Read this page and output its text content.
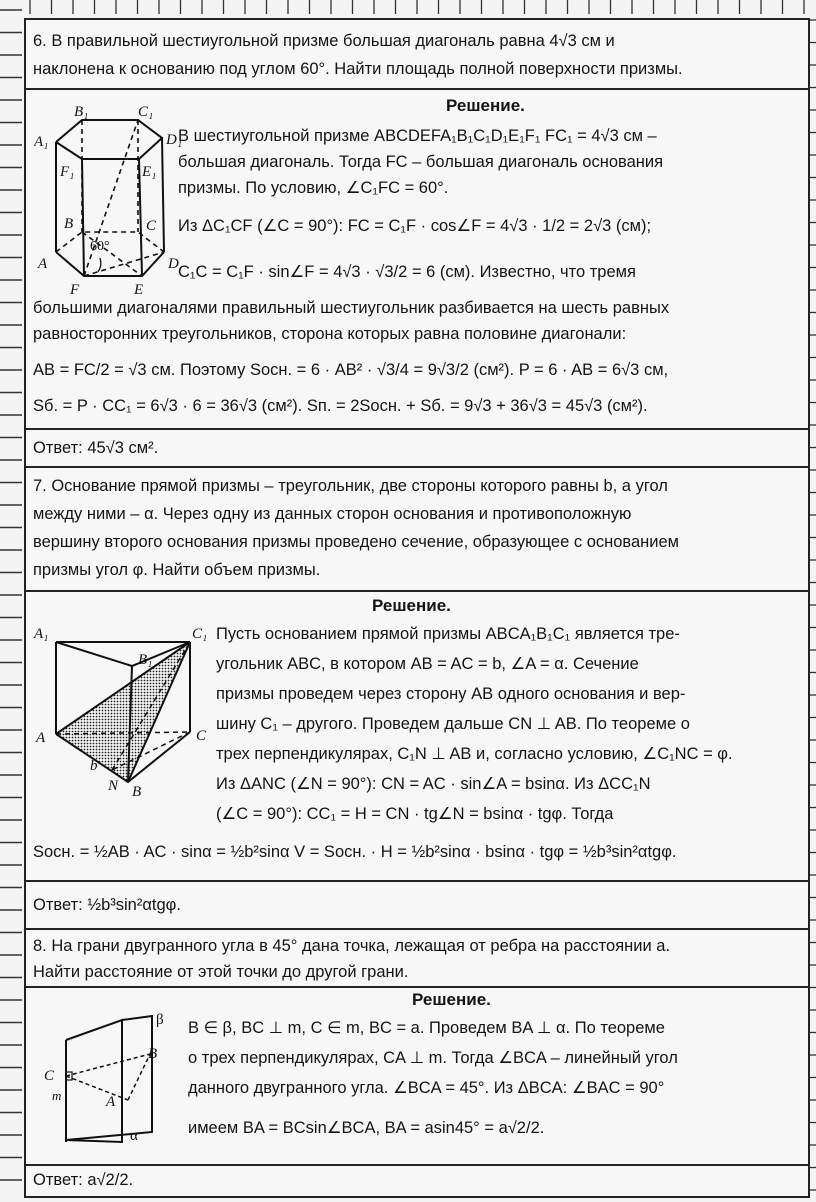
6. В правильной шестиугольной призме большая диагональ равна 4√3 см и
наклонена к основанию под углом 60°. Найти площадь полной поверхности призмы.
Решение.
B₁	C₁
A₁	D₁
F₁	E₁
B	C
60°
A	D
F	E
В шестиугольной призме ABCDEFA₁B₁C₁D₁E₁F₁ FC₁ = 4√3 см –
большая диагональ. Тогда FC – большая диагональ основания
призмы. По условию, ∠C₁FC = 60°.
Из ΔC₁CF (∠C = 90°): FC = C₁F · cos∠F = 4√3 · 1/2 = 2√3 (см);
C₁C = C₁F · sin∠F = 4√3 · √3/2 = 6 (см). Известно, что тремя
большими диагоналями правильный шестиугольник разбивается на шесть равных
равносторонних треугольников, сторона которых равна половине диагонали:
AB = FC/2 = √3 см. Поэтому Sосн. = 6 · AB² · √3/4 = 9√3/2 (см²). P = 6 · AB = 6√3 см,
Sб. = P · CC₁ = 6√3 · 6 = 36√3 (см²). Sп. = 2Sосн. + Sб. = 9√3 + 36√3 = 45√3 (см²).
Ответ: 45√3 см².
7. Основание прямой призмы – треугольник, две стороны которого равны b, а угол
между ними – α. Через одну из данных сторон основания и противоположную
вершину второго основания призмы проведено сечение, образующее с основанием
призмы угол φ. Найти объем призмы.
Решение.
A₁	C₁
B₁
A	C
b
N B
Пусть основанием прямой призмы ABCA₁B₁C₁ является тре-
угольник ABC, в котором AB = AC = b, ∠A = α. Сечение
призмы проведем через сторону AB одного основания и вер-
шину C₁ – другого. Проведем дальше CN ⊥ AB. По теореме о
трех перпендикулярах, C₁N ⊥ AB и, согласно условию, ∠C₁NC = φ.
Из ΔANC (∠N = 90°): CN = AC · sin∠A = bsinα. Из ΔCC₁N
(∠C = 90°): CC₁ = H = CN · tg∠N = bsinα · tgφ. Тогда
Sосн. = ½AB · AC · sinα = ½b²sinα V = Sосн. · H = ½b²sinα · bsinα · tgφ = ½b³sin²αtgφ.
Ответ: ½b³sin²αtgφ.
8. На грани двугранного угла в 45° дана точка, лежащая от ребра на расстоянии a.
Найти расстояние от этой точки до другой грани.
Решение.
β
B
C
m	A
α
B ∈ β, BC ⊥ m, C ∈ m, BC = a. Проведем BA ⊥ α. По теореме
о трех перпендикулярах, CA ⊥ m. Тогда ∠BCA – линейный угол
данного двугранного угла. ∠BCA = 45°. Из ΔBCA: ∠BAC = 90°
имеем BA = BCsin∠BCA, BA = asin45° = a√2/2.
Ответ: a√2/2.
